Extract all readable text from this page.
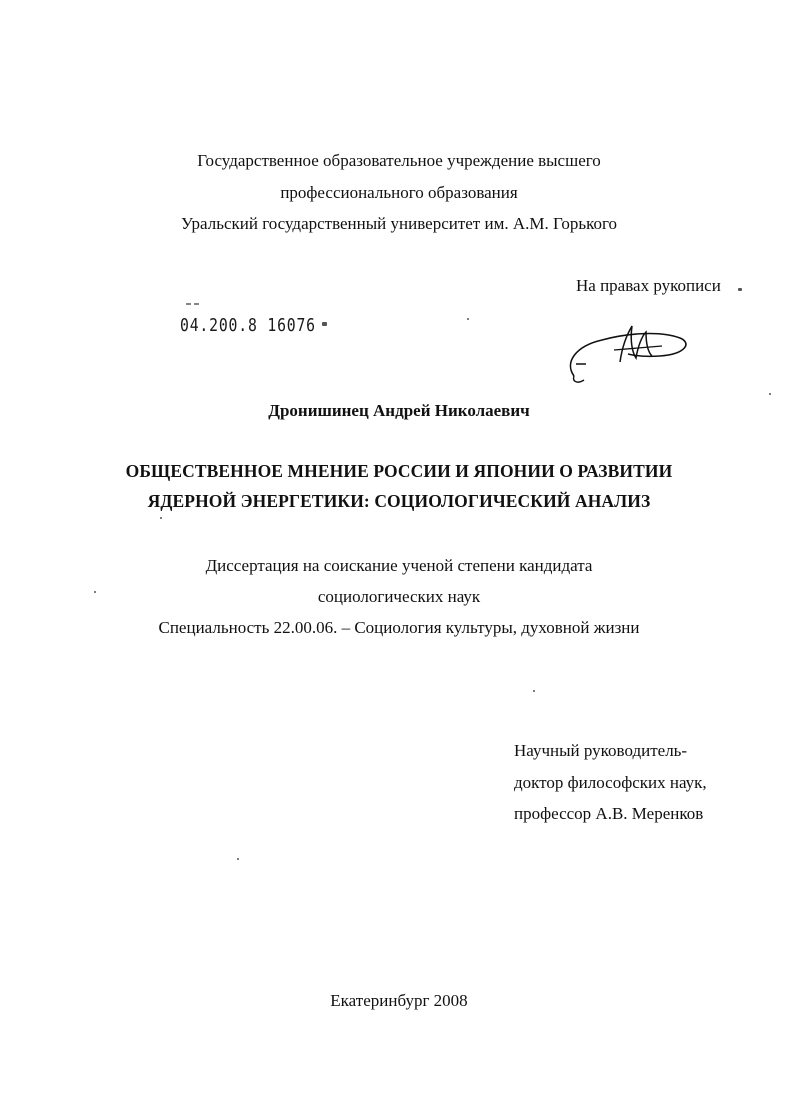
Государственное образовательное учреждение высшего
профессионального образования
Уральский государственный университет им. А.М. Горького
На правах рукописи
04.200.8 16076
Дронишинец Андрей Николаевич
ОБЩЕСТВЕННОЕ МНЕНИЕ РОССИИ И ЯПОНИИ О РАЗВИТИИ
ЯДЕРНОЙ ЭНЕРГЕТИКИ: СОЦИОЛОГИЧЕСКИЙ АНАЛИЗ
Диссертация на соискание ученой степени кандидата
социологических наук
Специальность 22.00.06. – Социология культуры, духовной жизни
Научный руководитель-
доктор философских наук,
профессор А.В. Меренков
Екатеринбург 2008
